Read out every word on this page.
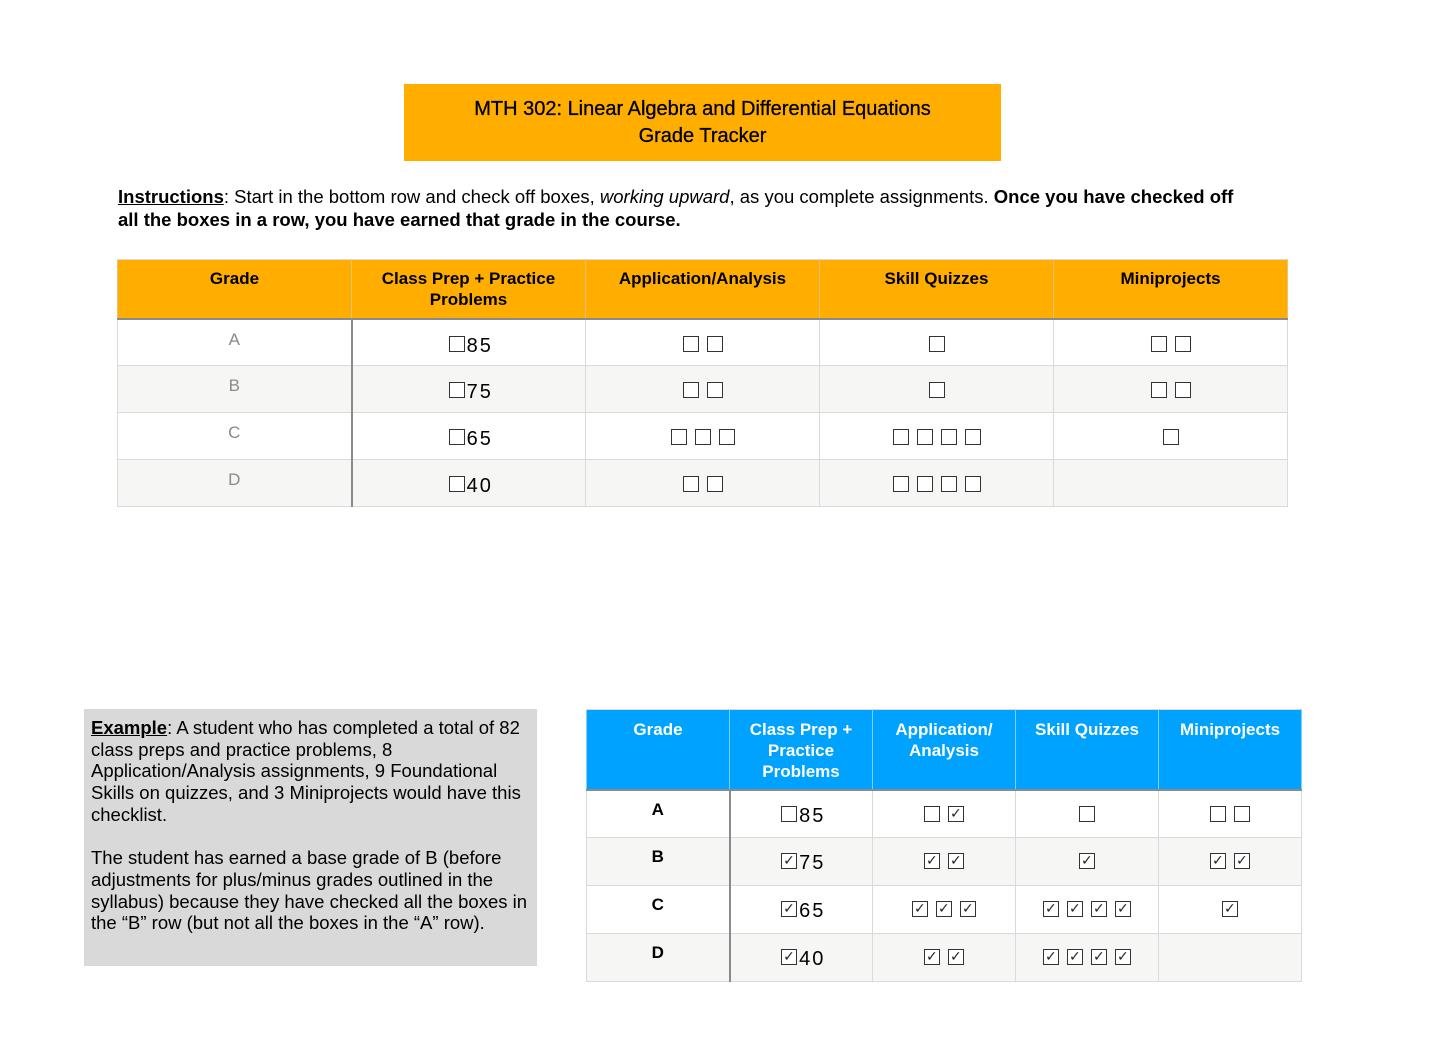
MTH 302: Linear Algebra and Differential Equations
Grade Tracker
Instructions: Start in the bottom row and check off boxes, working upward, as you complete assignments. Once you have checked off all the boxes in a row, you have earned that grade in the course.
Grade	Class Prep + Practice Problems	Application/Analysis	Skill Quizzes	Miniprojects
A	85			
B	75			
C	65			
D	40			

Example: A student who has completed a total of 82 class preps and practice problems, 8 Application/Analysis assignments, 9 Foundational Skills on quizzes, and 3 Miniprojects would have this checklist.

The student has earned a base grade of B (before adjustments for plus/minus grades outlined in the syllabus) because they have checked all the boxes in the “B” row (but not all the boxes in the “A” row).

Grade	Class Prep + Practice Problems	Application/ Analysis	Skill Quizzes	Miniprojects
A	85	✓		
B	✓75	✓✓	✓	✓✓
C	✓65	✓✓✓	✓✓✓✓	✓
D	✓40	✓✓	✓✓✓✓	
